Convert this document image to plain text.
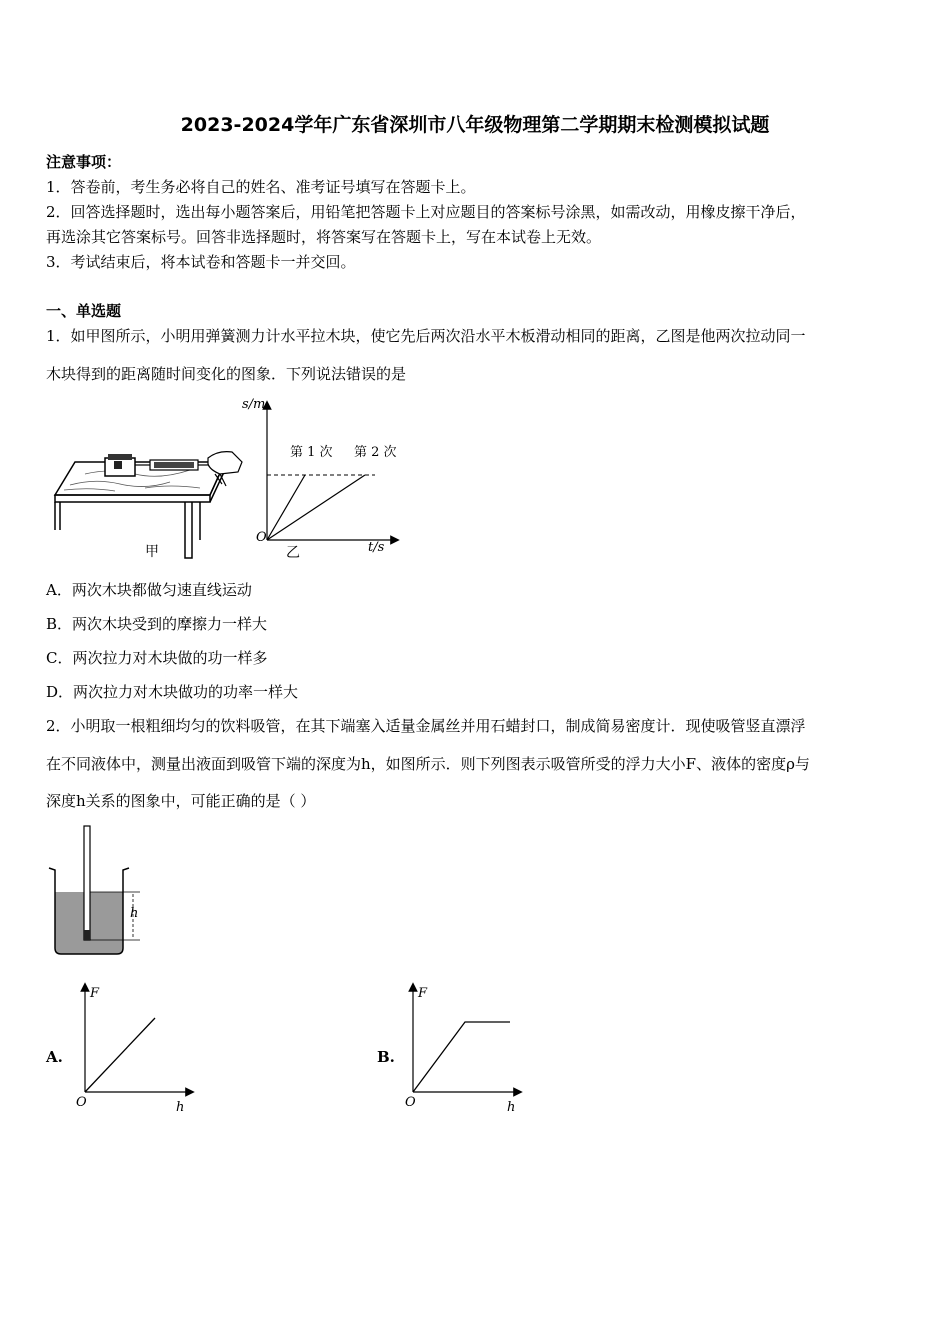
2023-2024学年广东省深圳市八年级物理第二学期期末检测模拟试题
注意事项：
1．答卷前，考生务必将自己的姓名、准考证号填写在答题卡上。
2．回答选择题时，选出每小题答案后，用铅笔把答题卡上对应题目的答案标号涂黑，如需改动，用橡皮擦干净后，
再选涂其它答案标号。回答非选择题时，将答案写在答题卡上，写在本试卷上无效。
3．考试结束后，将本试卷和答题卡一并交回。
一、单选题
1．如甲图所示，小明用弹簧测力计水平拉木块，使它先后两次沿水平木板滑动相同的距离，乙图是他两次拉动同一
木块得到的距离随时间变化的图象．下列说法错误的是
甲
s/m
t/s
O
第 1 次 第 2 次
乙
A．两次木块都做匀速直线运动
B．两次木块受到的摩擦力一样大
C．两次拉力对木块做的功一样多
D．两次拉力对木块做功的功率一样大
2．小明取一根粗细均匀的饮料吸管，在其下端塞入适量金属丝并用石蜡封口，制成简易密度计．现使吸管竖直漂浮
在不同液体中，测量出液面到吸管下端的深度为h，如图所示．则下列图表示吸管所受的浮力大小F、液体的密度ρ与
深度h关系的图象中，可能正确的是（ ）
h
A.
F
h
O
B.
F
h
O
